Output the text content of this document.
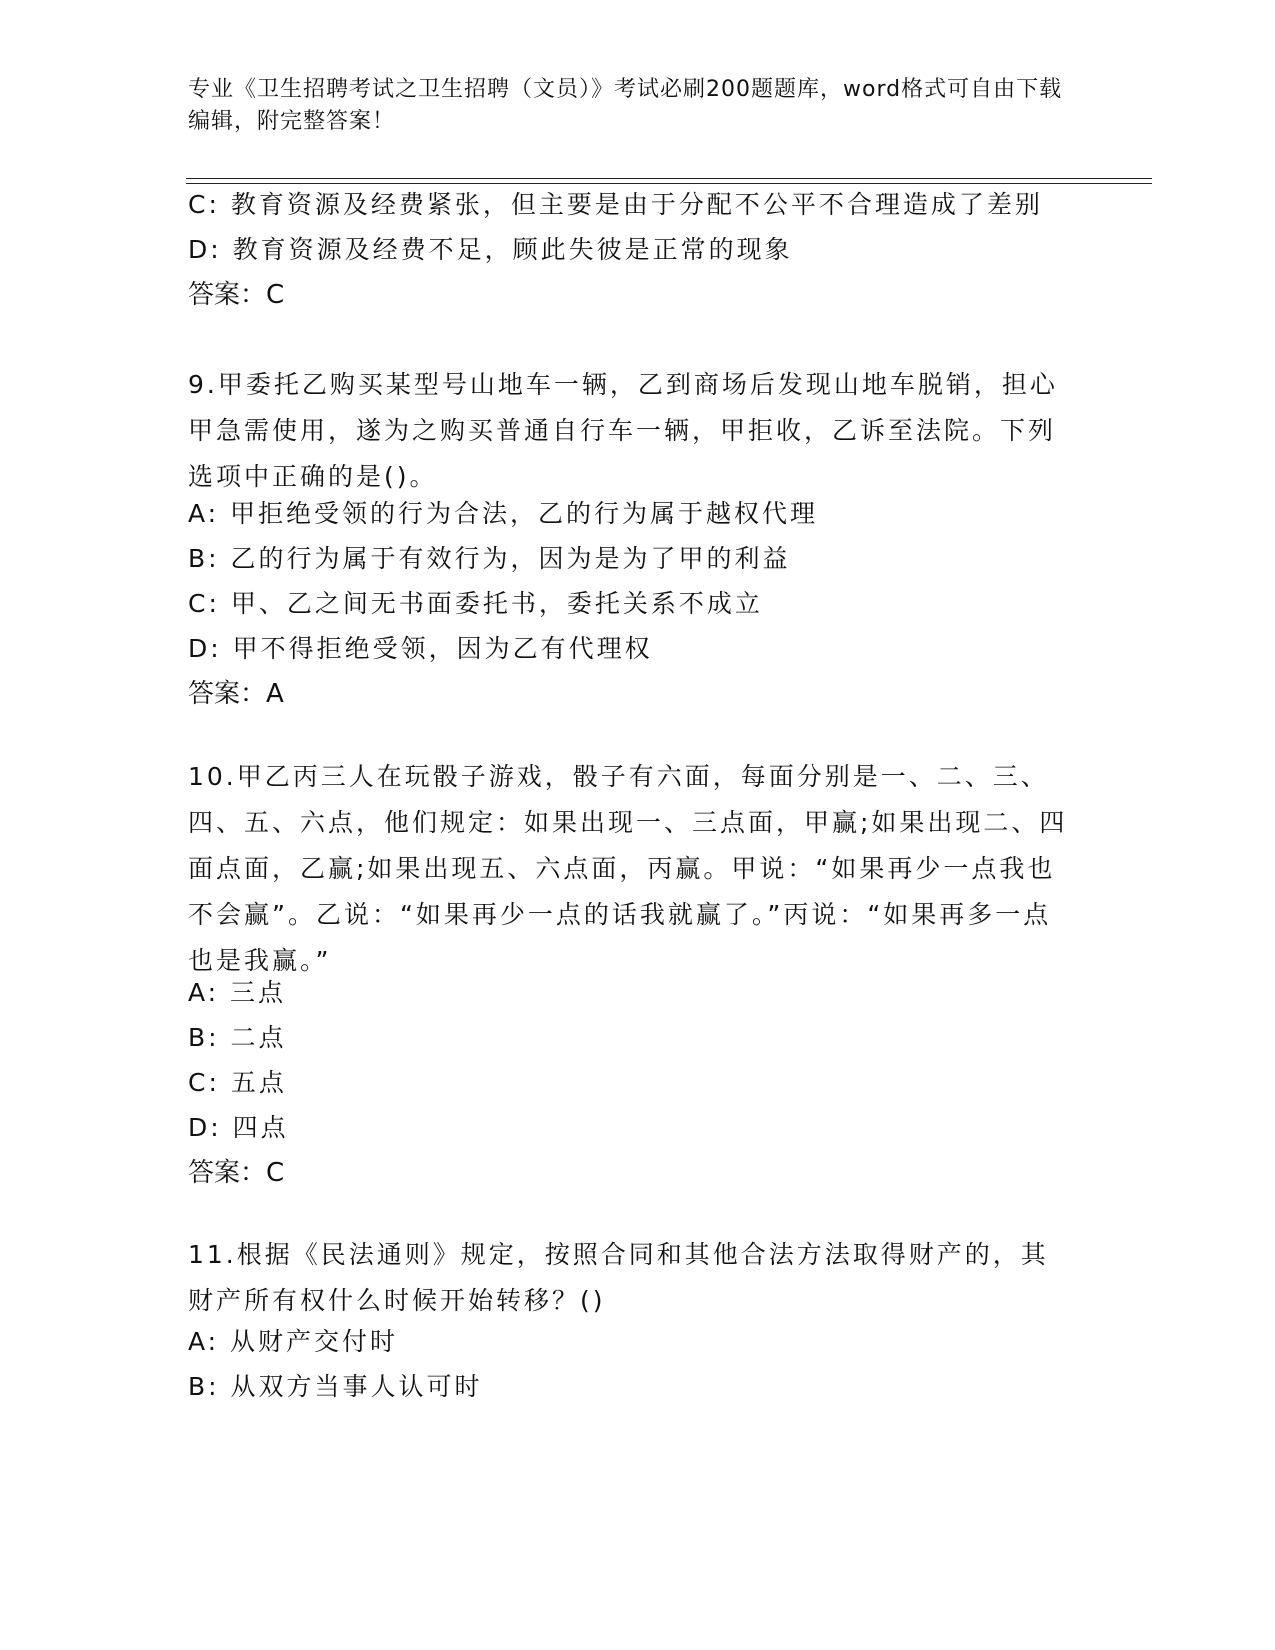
专业《卫生招聘考试之卫生招聘（文员）》考试必刷200题题库，word格式可自由下载编辑，附完整答案！
C: 教育资源及经费紧张，但主要是由于分配不公平不合理造成了差别
D: 教育资源及经费不足，顾此失彼是正常的现象
答案：C
9.甲委托乙购买某型号山地车一辆，乙到商场后发现山地车脱销，担心甲急需使用，遂为之购买普通自行车一辆，甲拒收，乙诉至法院。下列选项中正确的是()。
A: 甲拒绝受领的行为合法，乙的行为属于越权代理
B: 乙的行为属于有效行为，因为是为了甲的利益
C: 甲、乙之间无书面委托书，委托关系不成立
D: 甲不得拒绝受领，因为乙有代理权
答案：A
10.甲乙丙三人在玩骰子游戏，骰子有六面，每面分别是一、二、三、四、五、六点，他们规定：如果出现一、三点面，甲赢;如果出现二、四面点面，乙赢;如果出现五、六点面，丙赢。甲说：“如果再少一点我也不会赢”。乙说：“如果再少一点的话我就赢了。”丙说：“如果再多一点也是我赢。”
A: 三点
B: 二点
C: 五点
D: 四点
答案：C
11.根据《民法通则》规定，按照合同和其他合法方法取得财产的，其财产所有权什么时候开始转移？()
A: 从财产交付时
B: 从双方当事人认可时
